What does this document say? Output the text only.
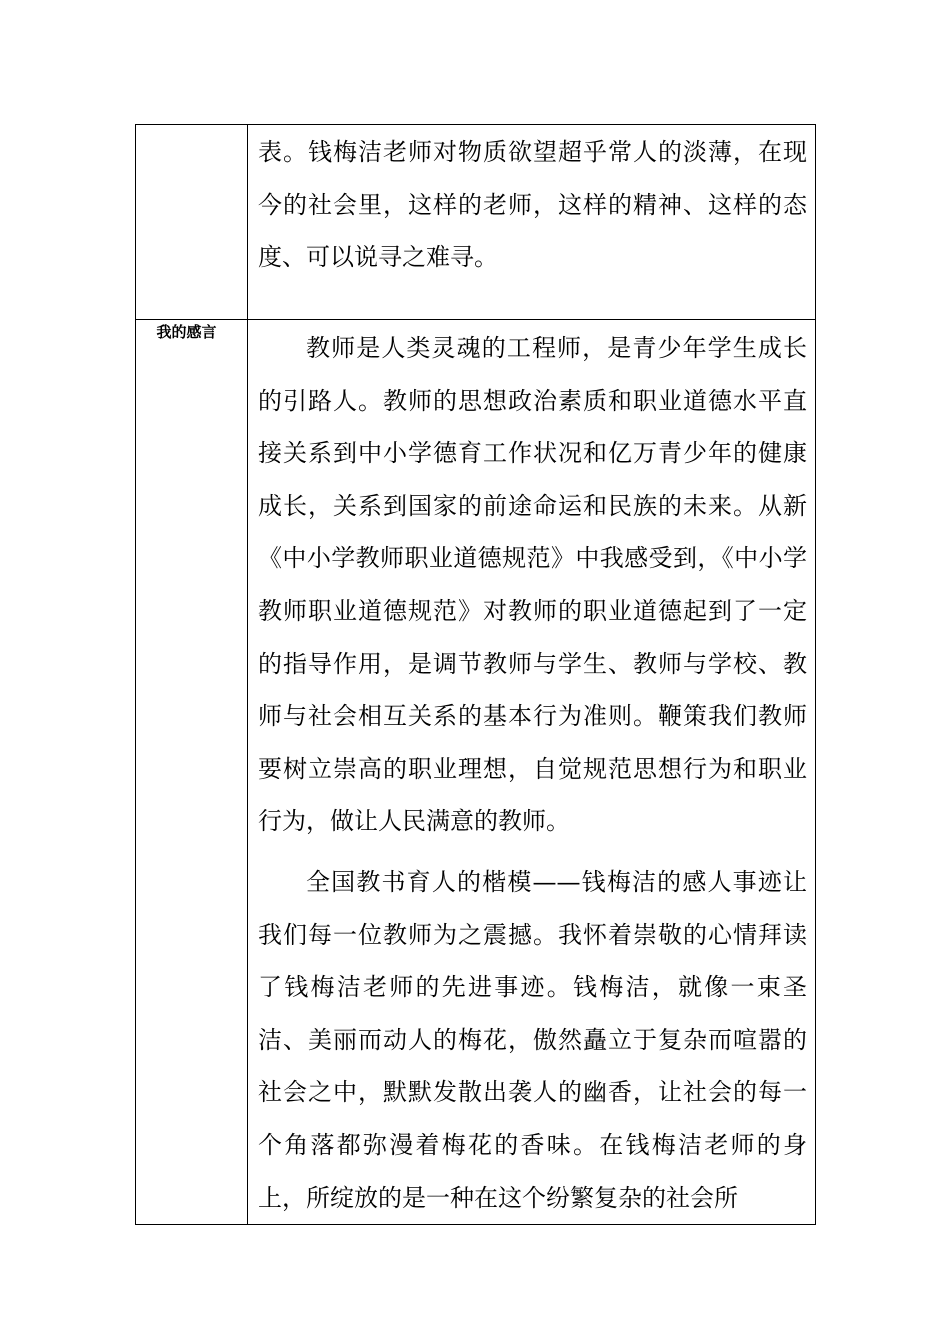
	表。钱梅洁老师对物质欲望超乎常人的淡薄，在现今的社会里，这样的老师，这样的精神、这样的态度、可以说寻之难寻。

我的感言	教师是人类灵魂的工程师，是青少年学生成长的引路人。教师的思想政治素质和职业道德水平直接关系到中小学德育工作状况和亿万青少年的健康成长，关系到国家的前途命运和民族的未来。从新《中小学教师职业道德规范》中我感受到，《中小学教师职业道德规范》对教师的职业道德起到了一定的指导作用，是调节教师与学生、教师与学校、教师与社会相互关系的基本行为准则。鞭策我们教师要树立崇高的职业理想，自觉规范思想行为和职业行为，做让人民满意的教师。

全国教书育人的楷模——钱梅洁的感人事迹让我们每一位教师为之震撼。我怀着崇敬的心情拜读了钱梅洁老师的先进事迹。钱梅洁，就像一束圣洁、美丽而动人的梅花，傲然矗立于复杂而喧嚣的社会之中，默默发散出袭人的幽香，让社会的每一个角落都弥漫着梅花的香味。在钱梅洁老师的身上，所绽放的是一种在这个纷繁复杂的社会所
